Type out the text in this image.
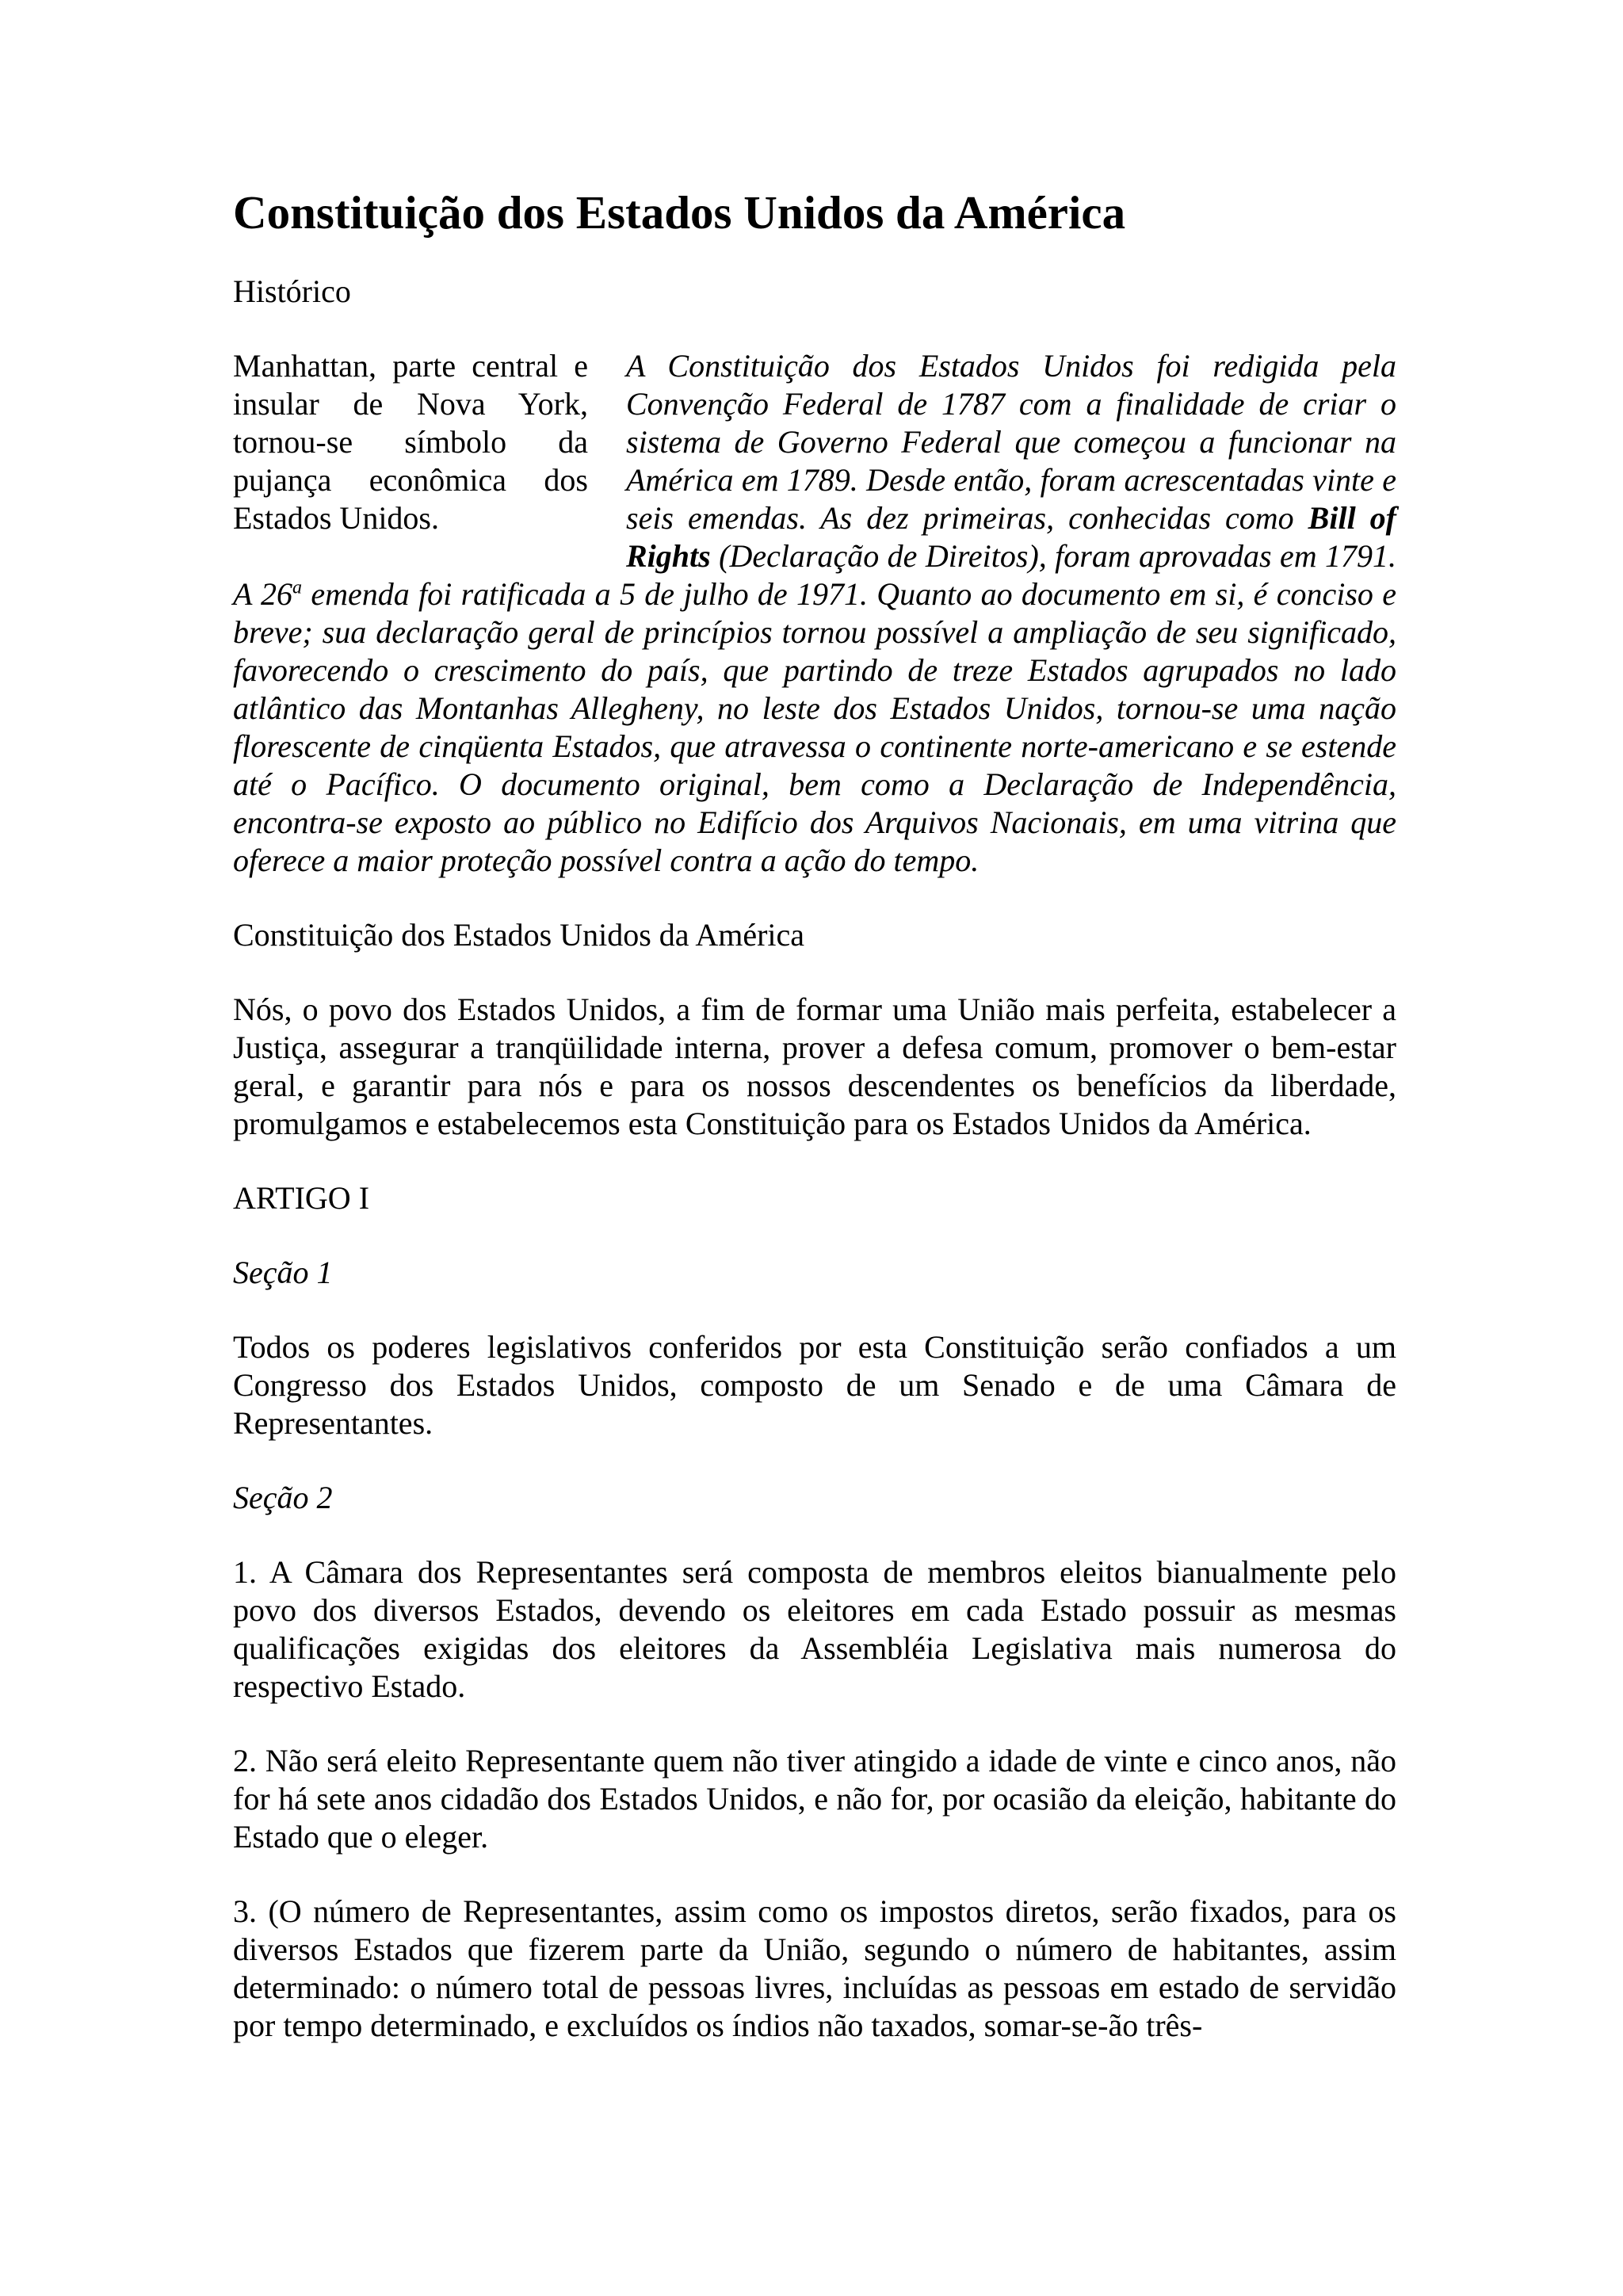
Constituição dos Estados Unidos da América

Histórico

Manhattan, parte central e insular de Nova York, tornou-se símbolo da pujança econômica dos Estados Unidos.

A Constituição dos Estados Unidos foi redigida pela Convenção Federal de 1787 com a finalidade de criar o sistema de Governo Federal que começou a funcionar na América em 1789. Desde então, foram acrescentadas vinte e seis emendas. As dez primeiras, conhecidas como Bill of Rights (Declaração de Direitos), foram aprovadas em 1791. A 26$^a$ emenda foi ratificada a 5 de julho de 1971. Quanto ao documento em si, é conciso e breve; sua declaração geral de princípios tornou possível a ampliação de seu significado, favorecendo o crescimento do país, que partindo de treze Estados agrupados no lado atlântico das Montanhas Allegheny, no leste dos Estados Unidos, tornou-se uma nação florescente de cinqüenta Estados, que atravessa o continente norte-americano e se estende até o Pacífico. O documento original, bem como a Declaração de Independência, encontra-se exposto ao público no Edifício dos Arquivos Nacionais, em uma vitrina que oferece a maior proteção possível contra a ação do tempo.

Constituição dos Estados Unidos da América

Nós, o povo dos Estados Unidos, a fim de formar uma União mais perfeita, estabelecer a Justiça, assegurar a tranqüilidade interna, prover a defesa comum, promover o bem-estar geral, e garantir para nós e para os nossos descendentes os benefícios da liberdade, promulgamos e estabelecemos esta Constituição para os Estados Unidos da América.

ARTIGO I

Seção 1

Todos os poderes legislativos conferidos por esta Constituição serão confiados a um Congresso dos Estados Unidos, composto de um Senado e de uma Câmara de Representantes.

Seção 2

1. A Câmara dos Representantes será composta de membros eleitos bianualmente pelo povo dos diversos Estados, devendo os eleitores em cada Estado possuir as mesmas qualificações exigidas dos eleitores da Assembléia Legislativa mais numerosa do respectivo Estado.

2. Não será eleito Representante quem não tiver atingido a idade de vinte e cinco anos, não for há sete anos cidadão dos Estados Unidos, e não for, por ocasião da eleição, habitante do Estado que o eleger.

3. (O número de Representantes, assim como os impostos diretos, serão fixados, para os diversos Estados que fizerem parte da União, segundo o número de habitantes, assim determinado: o número total de pessoas livres, incluídas as pessoas em estado de servidão por tempo determinado, e excluídos os índios não taxados, somar-se-ão três-
